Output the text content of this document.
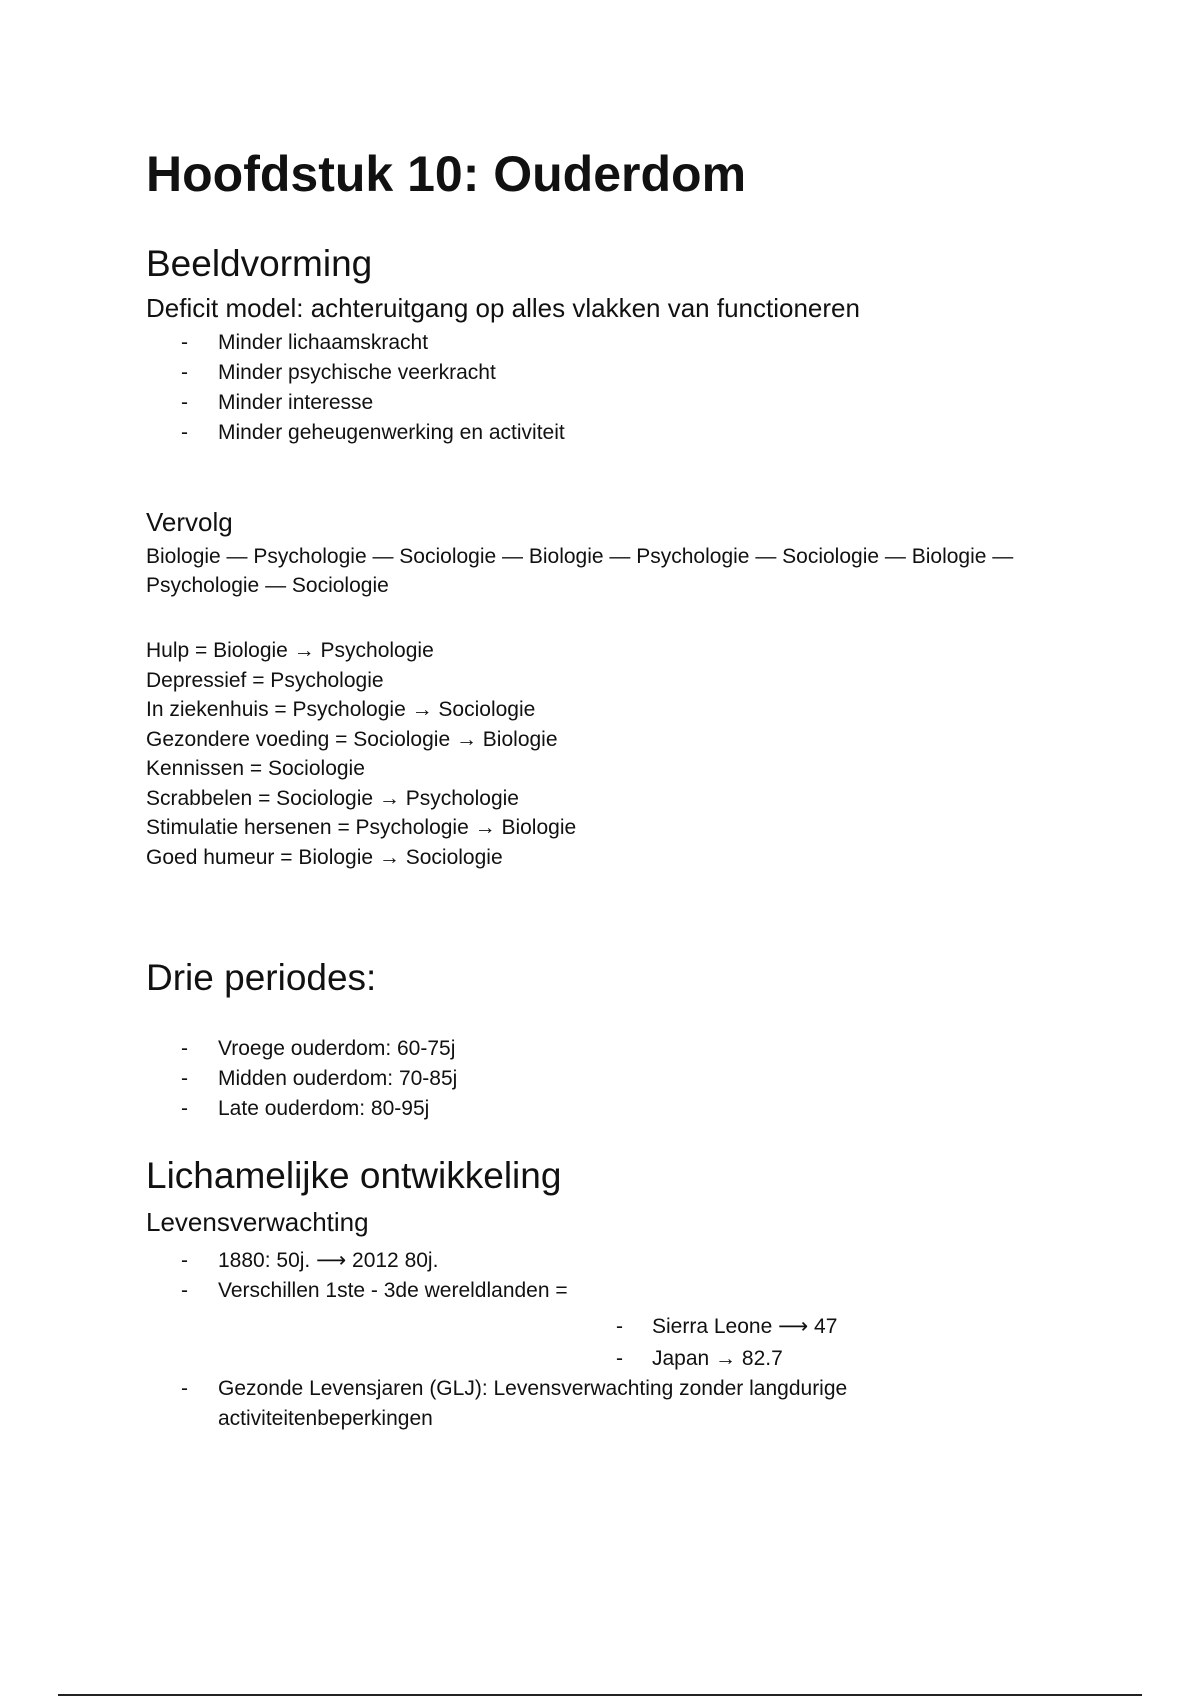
Hoofdstuk 10: Ouderdom
Beeldvorming
Deficit model: achteruitgang op alles vlakken van functioneren
- Minder lichaamskracht
- Minder psychische veerkracht
- Minder interesse
- Minder geheugenwerking en activiteit
Vervolg

Biologie — Psychologie — Sociologie — Biologie — Psychologie — Sociologie — Biologie — Psychologie — Sociologie

Hulp = Biologie → Psychologie
Depressief = Psychologie
In ziekenhuis = Psychologie → Sociologie
Gezondere voeding = Sociologie → Biologie
Kennissen = Sociologie
Scrabbelen = Sociologie → Psychologie
Stimulatie hersenen = Psychologie → Biologie
Goed humeur = Biologie → Sociologie
Drie periodes:
- Vroege ouderdom: 60-75j
- Midden ouderdom: 70-85j
- Late ouderdom: 80-95j
Lichamelijke ontwikkeling
Levensverwachting
- 1880: 50j. ⟶ 2012 80j.
- Verschillen 1ste - 3de wereldlanden =
- Sierra Leone ⟶ 47
- Japan → 82.7
- Gezonde Levensjaren (GLJ): Levensverwachting zonder langdurige activiteitenbeperkingen
